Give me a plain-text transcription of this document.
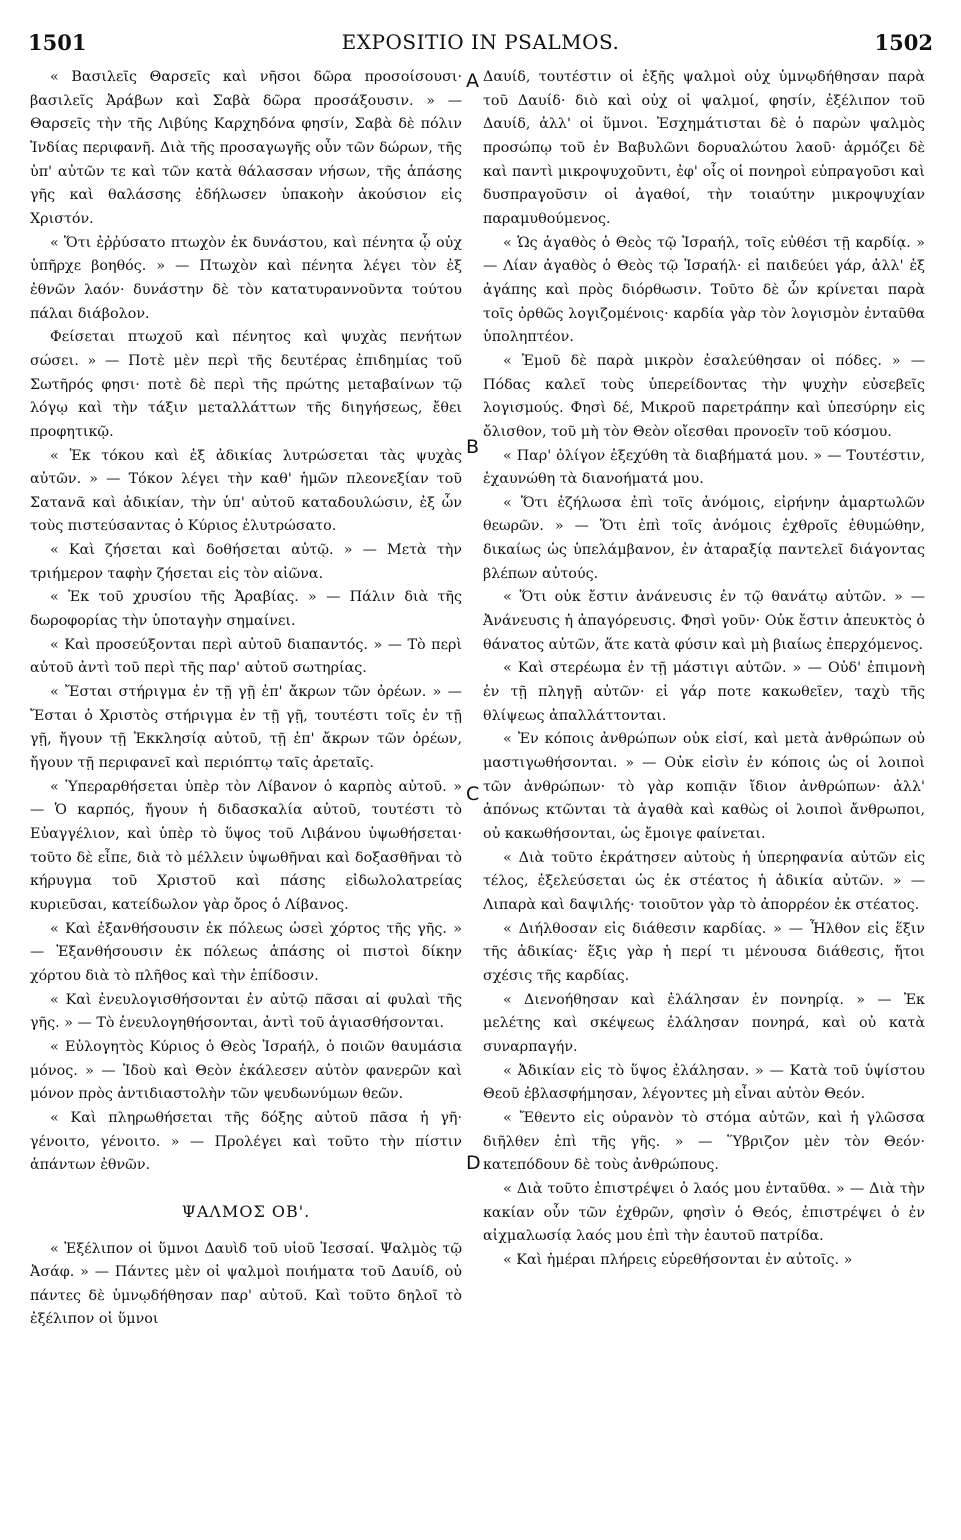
1501	EXPOSITIO IN PSALMOS.	1502
A
B
C
D

« Βασιλεῖς Θαρσεῖς καὶ νῆσοι δῶρα προσοίσουσι· βασιλεῖς Ἀράβων καὶ Σαβὰ δῶρα προσάξουσιν. » — Θαρσεῖς τὴν τῆς Λιβύης Καρχηδόνα φησίν, Σαβὰ δὲ πόλιν Ἰνδίας περιφανῆ. Διὰ τῆς προσαγωγῆς οὖν τῶν δώρων, τῆς ὑπ' αὐτῶν τε καὶ τῶν κατὰ θάλασσαν νήσων, τῆς ἁπάσης γῆς καὶ θαλάσσης ἐδήλωσεν ὑπακοὴν ἀκούσιον εἰς Χριστόν.

« Ὅτι ἐῤῥύσατο πτωχὸν ἐκ δυνάστου, καὶ πένητα ᾧ οὐχ ὑπῆρχε βοηθός. » — Πτωχὸν καὶ πένητα λέγει τὸν ἐξ ἐθνῶν λαόν· δυνάστην δὲ τὸν κατατυραννοῦντα τούτου πάλαι διάβολον.

Φείσεται πτωχοῦ καὶ πένητος καὶ ψυχὰς πενήτων σώσει. » — Ποτὲ μὲν περὶ τῆς δευτέρας ἐπιδημίας τοῦ Σωτῆρός φησι· ποτὲ δὲ περὶ τῆς πρώτης μεταβαίνων τῷ λόγῳ καὶ τὴν τάξιν μεταλλάττων τῆς διηγήσεως, ἔθει προφητικῷ.

« Ἐκ τόκου καὶ ἐξ ἀδικίας λυτρώσεται τὰς ψυχὰς αὐτῶν. » — Τόκον λέγει τὴν καθ' ἡμῶν πλεονεξίαν τοῦ Σατανᾶ καὶ ἀδικίαν, τὴν ὑπ' αὐτοῦ καταδουλώσιν, ἐξ ὧν τοὺς πιστεύσαντας ὁ Κύριος ἐλυτρώσατο.

« Καὶ ζήσεται καὶ δοθήσεται αὐτῷ. » — Μετὰ τὴν τριήμερον ταφὴν ζήσεται εἰς τὸν αἰῶνα.

« Ἐκ τοῦ χρυσίου τῆς Ἀραβίας. » — Πάλιν διὰ τῆς δωροφορίας τὴν ὑποταγὴν σημαίνει.

« Καὶ προσεύξονται περὶ αὐτοῦ διαπαντός. » — Τὸ περὶ αὐτοῦ ἀντὶ τοῦ περὶ τῆς παρ' αὐτοῦ σωτηρίας.

« Ἔσται στήριγμα ἐν τῇ γῇ ἐπ' ἄκρων τῶν ὀρέων. » — Ἔσται ὁ Χριστὸς στήριγμα ἐν τῇ γῇ, τουτέστι τοῖς ἐν τῇ γῇ, ἤγουν τῇ Ἐκκλησίᾳ αὐτοῦ, τῇ ἐπ' ἄκρων τῶν ὀρέων, ἤγουν τῇ περιφανεῖ καὶ περιόπτῳ ταῖς ἀρεταῖς.

« Ὑπεραρθήσεται ὑπὲρ τὸν Λίβανον ὁ καρπὸς αὐτοῦ. » — Ὁ καρπός, ἤγουν ἡ διδασκαλία αὐτοῦ, τουτέστι τὸ Εὐαγγέλιον, καὶ ὑπὲρ τὸ ὕψος τοῦ Λιβάνου ὑψωθήσεται· τοῦτο δὲ εἶπε, διὰ τὸ μέλλειν ὑψωθῆναι καὶ δοξασθῆναι τὸ κήρυγμα τοῦ Χριστοῦ καὶ πάσης εἰδωλολατρείας κυριεῦσαι, κατείδωλον γὰρ ὄρος ὁ Λίβανος.

« Καὶ ἐξανθήσουσιν ἐκ πόλεως ὡσεὶ χόρτος τῆς γῆς. » — Ἐξανθήσουσιν ἐκ πόλεως ἁπάσης οἱ πιστοὶ δίκην χόρτου διὰ τὸ πλῆθος καὶ τὴν ἐπίδοσιν.

« Καὶ ἐνευλογισθήσονται ἐν αὐτῷ πᾶσαι αἱ φυλαὶ τῆς γῆς. » — Τὸ ἐνευλογηθήσονται, ἀντὶ τοῦ ἁγιασθήσονται.

« Εὐλογητὸς Κύριος ὁ Θεὸς Ἰσραήλ, ὁ ποιῶν θαυμάσια μόνος. » — Ἰδοὺ καὶ Θεὸν ἐκάλεσεν αὐτὸν φανερῶν καὶ μόνον πρὸς ἀντιδιαστολὴν τῶν ψευδωνύμων θεῶν.

« Καὶ πληρωθήσεται τῆς δόξης αὐτοῦ πᾶσα ἡ γῆ· γένοιτο, γένοιτο. » — Προλέγει καὶ τοῦτο τὴν πίστιν ἁπάντων ἐθνῶν.

ΨΑΛΜΟΣ ΟΒ'.

« Ἐξέλιπον οἱ ὕμνοι Δαυὶδ τοῦ υἱοῦ Ἰεσσαί. Ψαλμὸς τῷ Ἀσάφ. » — Πάντες μὲν οἱ ψαλμοὶ ποιήματα τοῦ Δαυίδ, οὐ πάντες δὲ ὑμνῳδήθησαν παρ' αὐτοῦ. Καὶ τοῦτο δηλοῖ τὸ ἐξέλιπον οἱ ὕμνοι

Δαυίδ, τουτέστιν οἱ ἑξῆς ψαλμοὶ οὐχ ὑμνῳδήθησαν παρὰ τοῦ Δαυίδ· διὸ καὶ οὐχ οἱ ψαλμοί, φησίν, ἐξέλιπον τοῦ Δαυίδ, ἀλλ' οἱ ὕμνοι. Ἐσχημάτισται δὲ ὁ παρὼν ψαλμὸς προσώπῳ τοῦ ἐν Βαβυλῶνι δορυαλώτου λαοῦ· ἁρμόζει δὲ καὶ παντὶ μικροψυχοῦντι, ἐφ' οἷς οἱ πονηροὶ εὐπραγοῦσι καὶ δυσπραγοῦσιν οἱ ἀγαθοί, τὴν τοιαύτην μικροψυχίαν παραμυθούμενος.

« Ὡς ἀγαθὸς ὁ Θεὸς τῷ Ἰσραήλ, τοῖς εὐθέσι τῇ καρδίᾳ. » — Λίαν ἀγαθὸς ὁ Θεὸς τῷ Ἰσραήλ· εἰ παιδεύει γάρ, ἀλλ' ἐξ ἀγάπης καὶ πρὸς διόρθωσιν. Τοῦτο δὲ ὧν κρίνεται παρὰ τοῖς ὀρθῶς λογιζομένοις· καρδία γὰρ τὸν λογισμὸν ἐνταῦθα ὑποληπτέον.

« Ἐμοῦ δὲ παρὰ μικρὸν ἐσαλεύθησαν οἱ πόδες. » — Πόδας καλεῖ τοὺς ὑπερείδοντας τὴν ψυχὴν εὐσεβεῖς λογισμούς. Φησὶ δέ, Μικροῦ παρετράπην καὶ ὑπεσύρην εἰς ὄλισθον, τοῦ μὴ τὸν Θεὸν οἴεσθαι προνοεῖν τοῦ κόσμου.

« Παρ' ὀλίγον ἐξεχύθη τὰ διαβήματά μου. » — Τουτέστιν, ἐχαυνώθη τὰ διανοήματά μου.

« Ὅτι ἐζήλωσα ἐπὶ τοῖς ἀνόμοις, εἰρήνην ἁμαρτωλῶν θεωρῶν. » — Ὅτι ἐπὶ τοῖς ἀνόμοις ἐχθροῖς ἐθυμώθην, δικαίως ὡς ὑπελάμβανον, ἐν ἀταραξίᾳ παντελεῖ διάγοντας βλέπων αὐτούς.

« Ὅτι οὐκ ἔστιν ἀνάνευσις ἐν τῷ θανάτῳ αὐτῶν. » — Ἀνάνευσις ἡ ἀπαγόρευσις. Φησὶ γοῦν· Οὐκ ἔστιν ἀπευκτὸς ὁ θάνατος αὐτῶν, ἅτε κατὰ φύσιν καὶ μὴ βιαίως ἐπερχόμενος.

« Καὶ στερέωμα ἐν τῇ μάστιγι αὐτῶν. » — Οὐδ' ἐπιμονὴ ἐν τῇ πληγῇ αὐτῶν· εἰ γάρ ποτε κακωθεῖεν, ταχὺ τῆς θλίψεως ἀπαλλάττονται.

« Ἐν κόποις ἀνθρώπων οὐκ εἰσί, καὶ μετὰ ἀνθρώπων οὐ μαστιγωθήσονται. » — Οὐκ εἰσὶν ἐν κόποις ὡς οἱ λοιποὶ τῶν ἀνθρώπων· τὸ γὰρ κοπιᾷν ἴδιον ἀνθρώπων· ἀλλ' ἀπόνως κτῶνται τὰ ἀγαθὰ καὶ καθὼς οἱ λοιποὶ ἄνθρωποι, οὐ κακωθήσονται, ὡς ἔμοιγε φαίνεται.

« Διὰ τοῦτο ἐκράτησεν αὐτοὺς ἡ ὑπερηφανία αὐτῶν εἰς τέλος, ἐξελεύσεται ὡς ἐκ στέατος ἡ ἀδικία αὐτῶν. » — Λιπαρὰ καὶ δαψιλής· τοιοῦτον γὰρ τὸ ἀπορρέον ἐκ στέατος.

« Διήλθοσαν εἰς διάθεσιν καρδίας. » — Ἦλθον εἰς ἕξιν τῆς ἀδικίας· ἕξις γὰρ ἡ περί τι μένουσα διάθεσις, ἤτοι σχέσις τῆς καρδίας.

« Διενοήθησαν καὶ ἐλάλησαν ἐν πονηρίᾳ. » — Ἐκ μελέτης καὶ σκέψεως ἐλάλησαν πονηρά, καὶ οὐ κατὰ συναρπαγήν.

« Ἀδικίαν εἰς τὸ ὕψος ἐλάλησαν. » — Κατὰ τοῦ ὑψίστου Θεοῦ ἐβλασφήμησαν, λέγοντες μὴ εἶναι αὐτὸν Θεόν.

« Ἔθεντο εἰς οὐρανὸν τὸ στόμα αὐτῶν, καὶ ἡ γλῶσσα διῆλθεν ἐπὶ τῆς γῆς. » — Ὕβριζον μὲν τὸν Θεόν· κατεπόδουν δὲ τοὺς ἀνθρώπους.

« Διὰ τοῦτο ἐπιστρέψει ὁ λαός μου ἐνταῦθα. » — Διὰ τὴν κακίαν οὖν τῶν ἐχθρῶν, φησὶν ὁ Θεός, ἐπιστρέψει ὁ ἐν αἰχμαλωσίᾳ λαός μου ἐπὶ τὴν ἑαυτοῦ πατρίδα.

« Καὶ ἡμέραι πλήρεις εὑρεθήσονται ἐν αὐτοῖς. »
